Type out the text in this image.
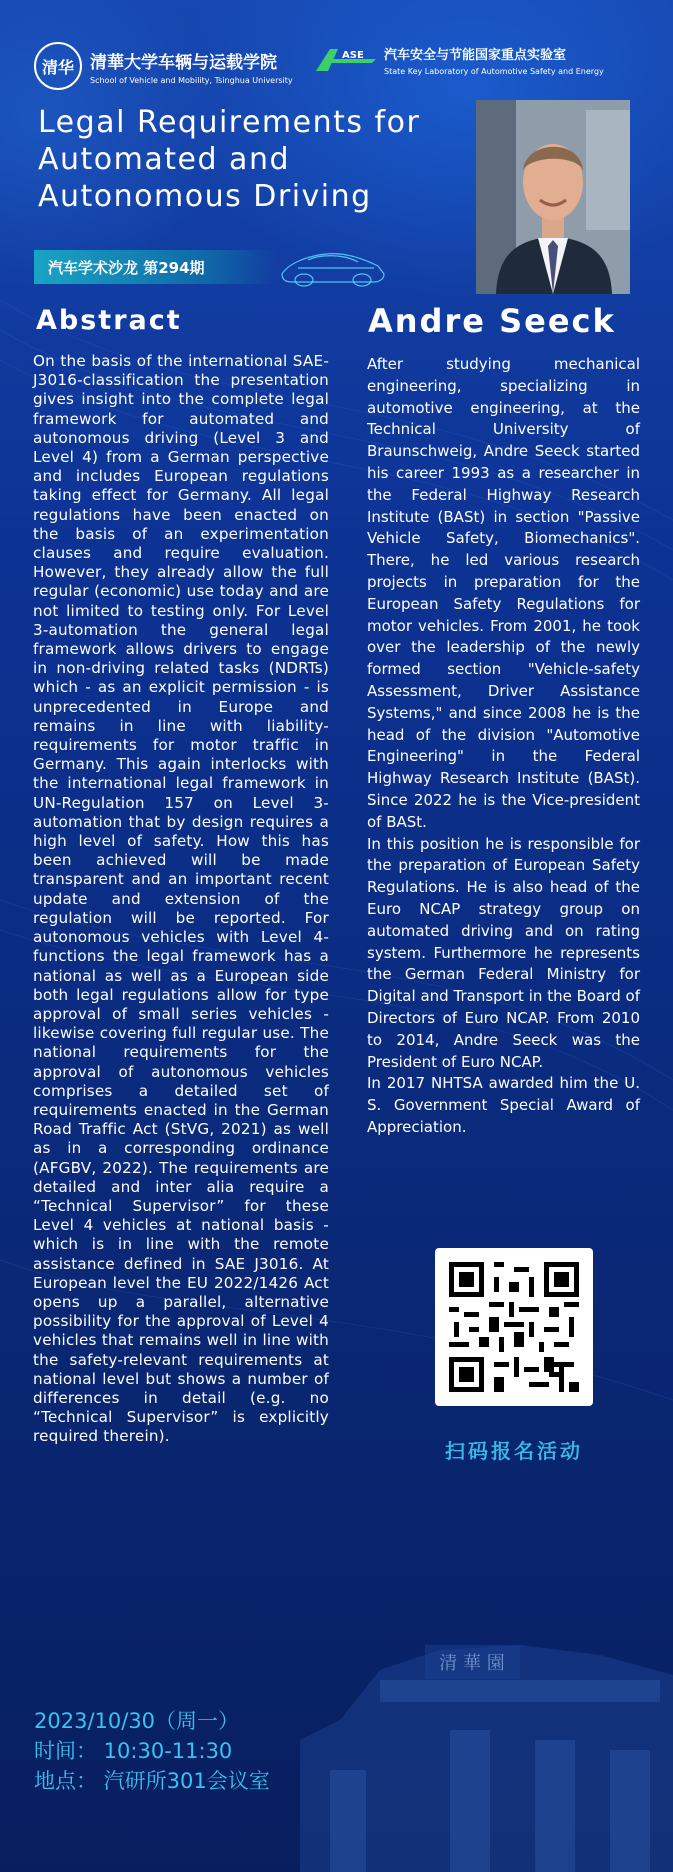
清华 清華大学车辆与运载学院
School of Vehicle and Mobility, Tsinghua University
ASE 汽车安全与节能国家重点实验室
State Key Laboratory of Automotive Safety and Energy
Legal Requirements for
Automated and
Autonomous Driving
汽车学术沙龙 第294期
Abstract	Andre Seeck
On the basis of the international SAE-J3016-classification the presentation gives insight into the complete legal framework for automated and autonomous driving (Level 3 and Level 4) from a German perspective and includes European regulations taking effect for Germany. All legal regulations have been enacted on the basis of an experimentation clauses and require evaluation. However, they already allow the full regular (economic) use today and are not limited to testing only. For Level 3-automation the general legal framework allows drivers to engage in non-driving related tasks (NDRTs) which - as an explicit permission - is unprecedented in Europe and remains in line with liability-requirements for motor traffic in Germany. This again interlocks with the international legal framework in UN-Regulation 157 on Level 3-automation that by design requires a high level of safety. How this has been achieved will be made transparent and an important recent update and extension of the regulation will be reported. For autonomous vehicles with Level 4-functions the legal framework has a national as well as a European side both legal regulations allow for type approval of small series vehicles - likewise covering full regular use. The national requirements for the approval of autonomous vehicles comprises a detailed set of requirements enacted in the German Road Traffic Act (StVG, 2021) as well as in a corresponding ordinance (AFGBV, 2022). The requirements are detailed and inter alia require a “Technical Supervisor” for these Level 4 vehicles at national basis - which is in line with the remote assistance defined in SAE J3016. At European level the EU 2022/1426 Act opens up a parallel, alternative possibility for the approval of Level 4 vehicles that remains well in line with the safety-relevant requirements at national level but shows a number of differences in detail (e.g. no “Technical Supervisor” is explicitly required therein).

After studying mechanical engineering, specializing in automotive engineering, at the Technical University of Braunschweig, Andre Seeck started his career 1993 as a researcher in the Federal Highway Research Institute (BASt) in section "Passive Vehicle Safety, Biomechanics". There, he led various research projects in preparation for the European Safety Regulations for motor vehicles. From 2001, he took over the leadership of the newly formed section "Vehicle-safety Assessment, Driver Assistance Systems," and since 2008 he is the head of the division "Automotive Engineering" in the Federal Highway Research Institute (BASt). Since 2022 he is the Vice-president of BASt.

In this position he is responsible for the preparation of European Safety Regulations. He is also head of the Euro NCAP strategy group on automated driving and on rating system. Furthermore he represents the German Federal Ministry for Digital and Transport in the Board of Directors of Euro NCAP. From 2010 to 2014, Andre Seeck was the President of Euro NCAP.

In 2017 NHTSA awarded him the U. S. Government Special Award of Appreciation.

扫码报名活动
清 華 園
2023/10/30（周一）
时间： 10:30-11:30
地点： 汽研所301会议室
